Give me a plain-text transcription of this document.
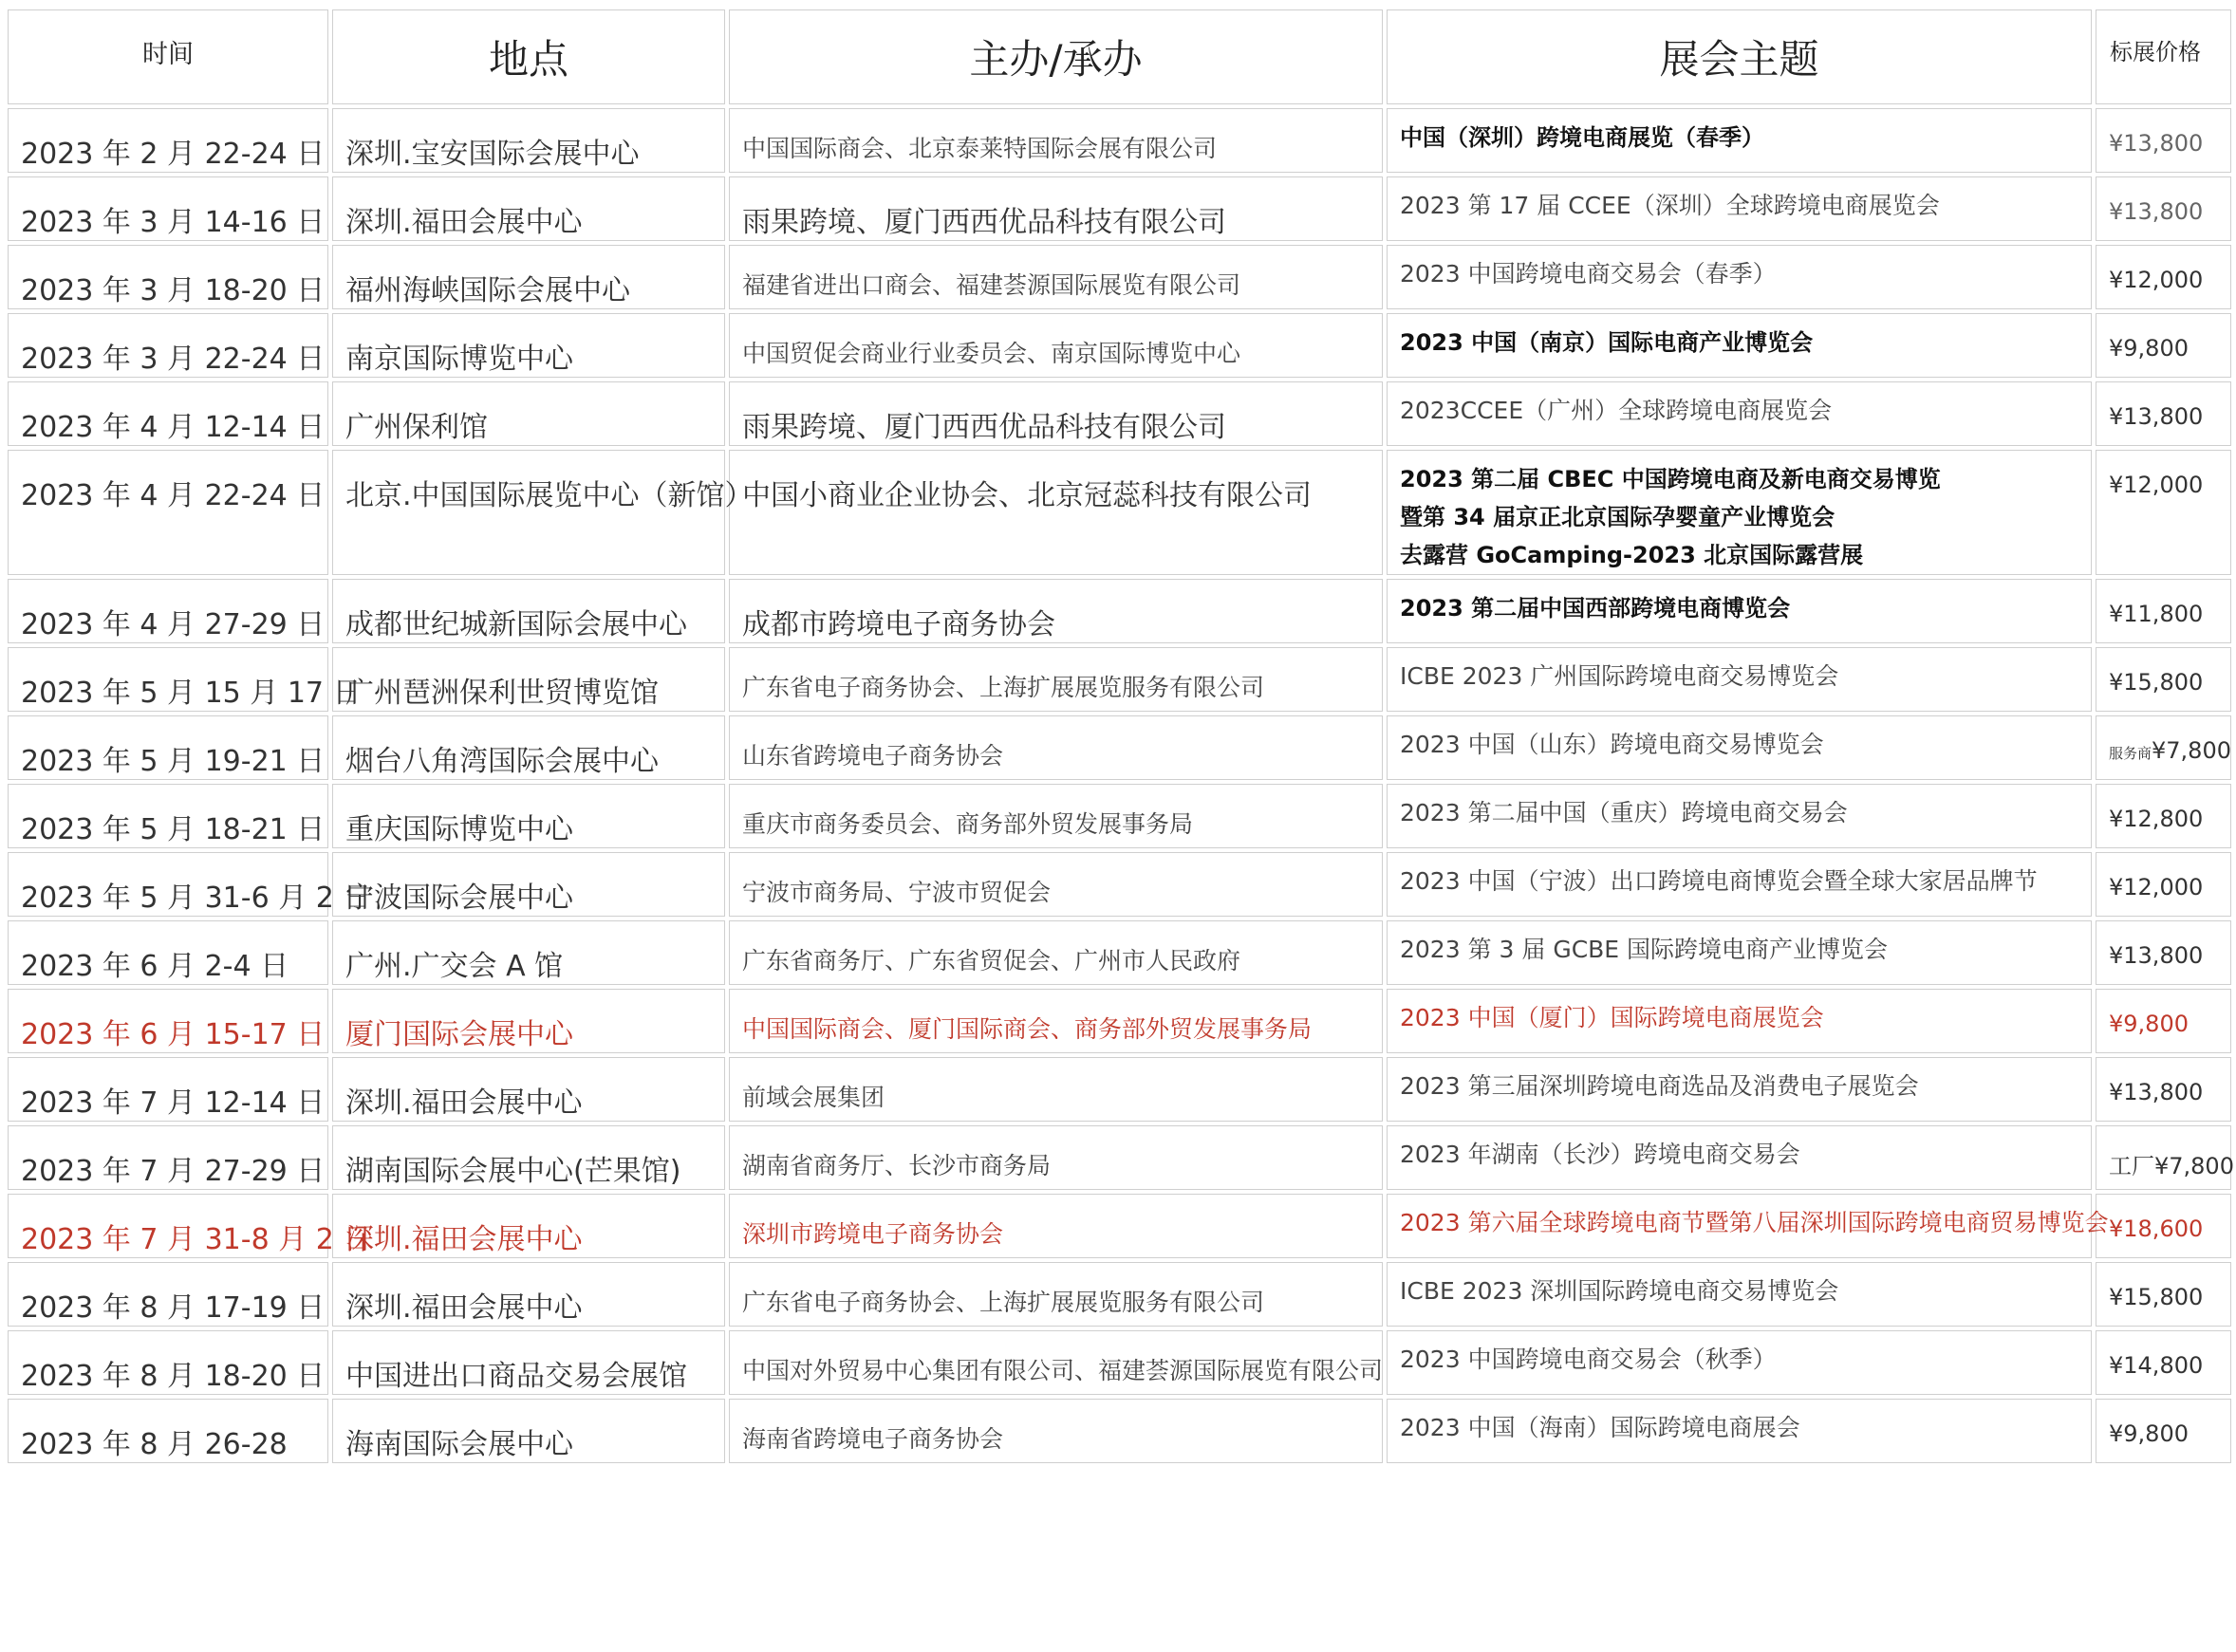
时间	地点	主办/承办	展会主题	标展价格
2023 年 2 月 22-24 日	深圳.宝安国际会展中心	中国国际商会、北京泰莱特国际会展有限公司	中国（深圳）跨境电商展览（春季）	¥13,800
2023 年 3 月 14-16 日	深圳.福田会展中心	雨果跨境、厦门西西优品科技有限公司	2023 第 17 届 CCEE（深圳）全球跨境电商展览会	¥13,800
2023 年 3 月 18-20 日	福州海峡国际会展中心	福建省进出口商会、福建荟源国际展览有限公司	2023 中国跨境电商交易会（春季）	¥12,000
2023 年 3 月 22-24 日	南京国际博览中心	中国贸促会商业行业委员会、南京国际博览中心	2023 中国（南京）国际电商产业博览会	¥9,800
2023 年 4 月 12-14 日	广州保利馆	雨果跨境、厦门西西优品科技有限公司	2023CCEE（广州）全球跨境电商展览会	¥13,800
2023 年 4 月 22-24 日	北京.中国国际展览中心（新馆）	中国小商业企业协会、北京冠蕊科技有限公司	2023 第二届 CBEC 中国跨境电商及新电商交易博览
暨第 34 届京正北京国际孕婴童产业博览会
去露营 GoCamping-2023 北京国际露营展	¥12,000
2023 年 4 月 27-29 日	成都世纪城新国际会展中心	成都市跨境电子商务协会	2023 第二届中国西部跨境电商博览会	¥11,800
2023 年 5 月 15 月 17 日	广州琶洲保利世贸博览馆	广东省电子商务协会、上海扩展展览服务有限公司	ICBE 2023 广州国际跨境电商交易博览会	¥15,800
2023 年 5 月 19-21 日	烟台八角湾国际会展中心	山东省跨境电子商务协会	2023 中国（山东）跨境电商交易博览会	服务商¥7,800
2023 年 5 月 18-21 日	重庆国际博览中心	重庆市商务委员会、商务部外贸发展事务局	2023 第二届中国（重庆）跨境电商交易会	¥12,800
2023 年 5 月 31-6 月 2 日	宁波国际会展中心	宁波市商务局、宁波市贸促会	2023 中国（宁波）出口跨境电商博览会暨全球大家居品牌节	¥12,000
2023 年 6 月 2-4 日	广州.广交会 A 馆	广东省商务厅、广东省贸促会、广州市人民政府	2023 第 3 届 GCBE 国际跨境电商产业博览会	¥13,800
2023 年 6 月 15-17 日	厦门国际会展中心	中国国际商会、厦门国际商会、商务部外贸发展事务局	2023 中国（厦门）国际跨境电商展览会	¥9,800
2023 年 7 月 12-14 日	深圳.福田会展中心	前域会展集团	2023 第三届深圳跨境电商选品及消费电子展览会	¥13,800
2023 年 7 月 27-29 日	湖南国际会展中心(芒果馆)	湖南省商务厅、长沙市商务局	2023 年湖南（长沙）跨境电商交易会	工厂¥7,800
2023 年 7 月 31-8 月 2 日	深圳.福田会展中心	深圳市跨境电子商务协会	2023 第六届全球跨境电商节暨第八届深圳国际跨境电商贸易博览会	¥18,600
2023 年 8 月 17-19 日	深圳.福田会展中心	广东省电子商务协会、上海扩展展览服务有限公司	ICBE 2023 深圳国际跨境电商交易博览会	¥15,800
2023 年 8 月 18-20 日	中国进出口商品交易会展馆	中国对外贸易中心集团有限公司、福建荟源国际展览有限公司	2023 中国跨境电商交易会（秋季）	¥14,800
2023 年 8 月 26-28	海南国际会展中心	海南省跨境电子商务协会	2023 中国（海南）国际跨境电商展会	¥9,800
